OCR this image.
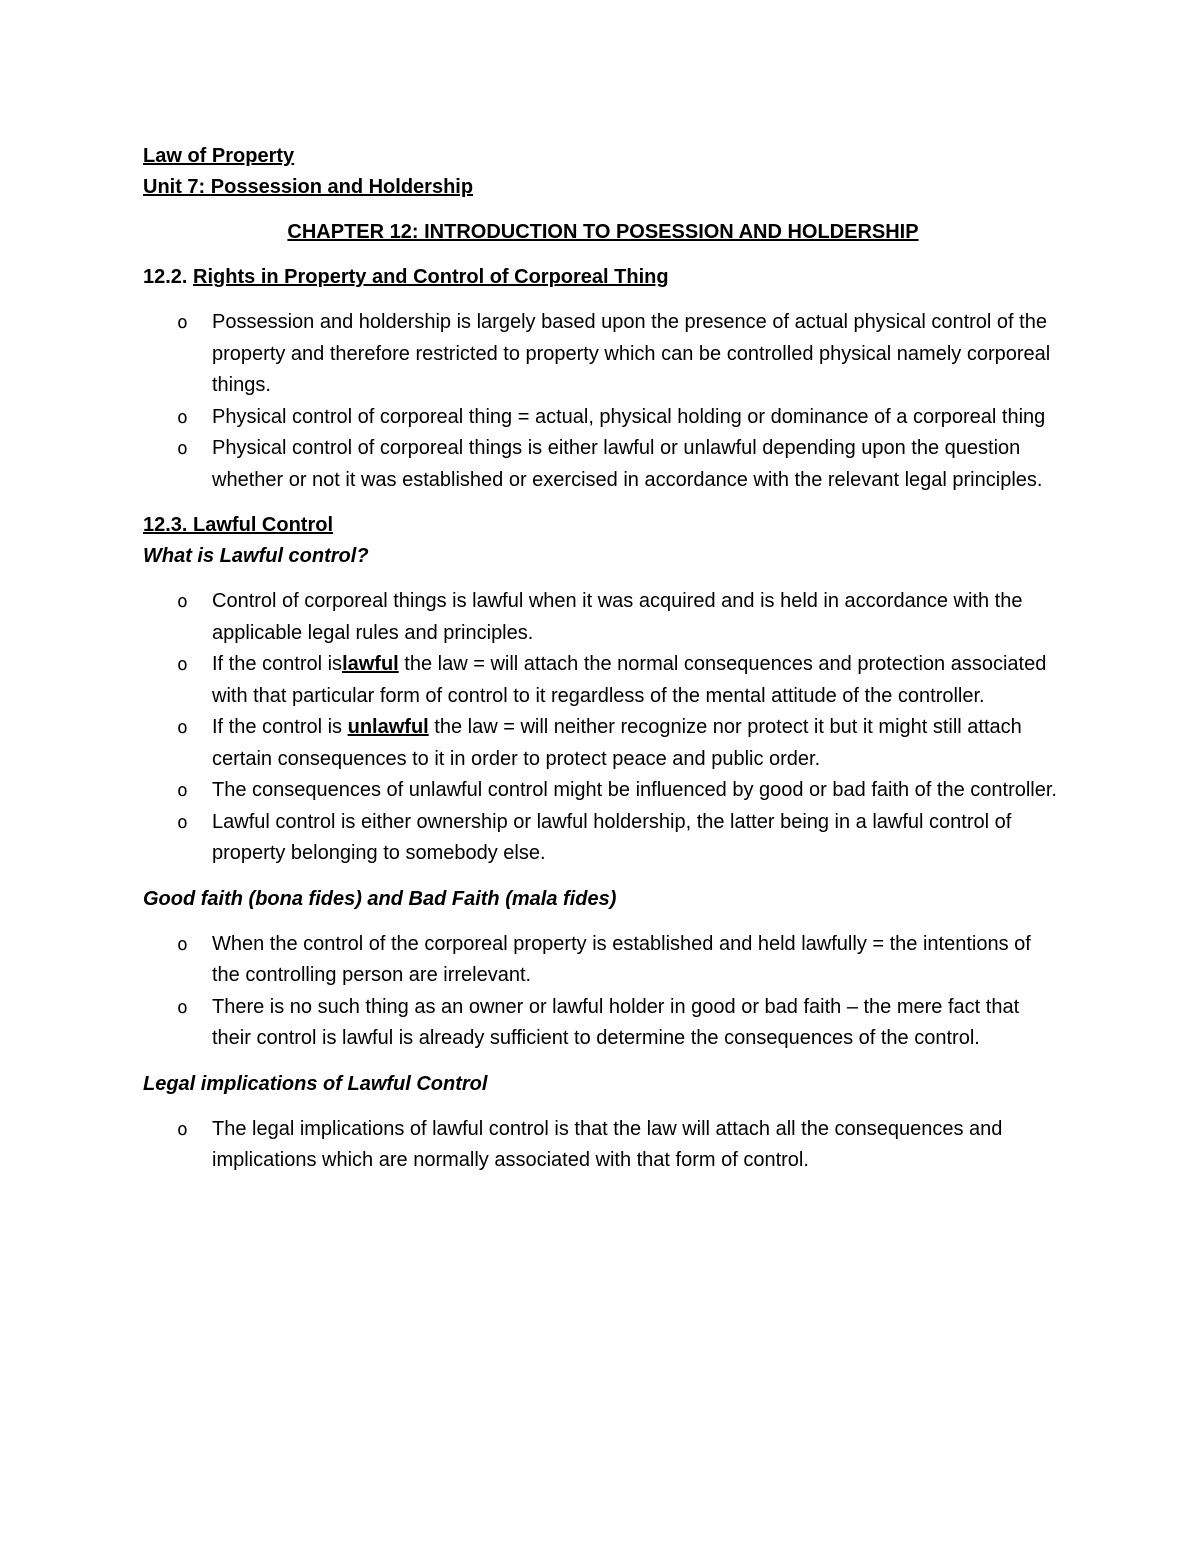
Law of Property

Unit 7: Possession and Holdership

CHAPTER 12: INTRODUCTION TO POSESSION AND HOLDERSHIP

12.2. Rights in Property and Control of Corporeal Thing

o Possession and holdership is largely based upon the presence of actual physical control of the property and therefore restricted to property which can be controlled physical namely corporeal things.
o Physical control of corporeal thing = actual, physical holding or dominance of a corporeal thing
o Physical control of corporeal things is either lawful or unlawful depending upon the question whether or not it was established or exercised in accordance with the relevant legal principles.

12.3. Lawful Control

What is Lawful control?

o Control of corporeal things is lawful when it was acquired and is held in accordance with the applicable legal rules and principles.
o If the control islawful the law = will attach the normal consequences and protection associated with that particular form of control to it regardless of the mental attitude of the controller.
o If the control is unlawful the law = will neither recognize nor protect it but it might still attach certain consequences to it in order to protect peace and public order.
o The consequences of unlawful control might be influenced by good or bad faith of the controller.
o Lawful control is either ownership or lawful holdership, the latter being in a lawful control of property belonging to somebody else.

Good faith (bona fides) and Bad Faith (mala fides)

o When the control of the corporeal property is established and held lawfully = the intentions of the controlling person are irrelevant.
o There is no such thing as an owner or lawful holder in good or bad faith – the mere fact that their control is lawful is already sufficient to determine the consequences of the control.

Legal implications of Lawful Control

o The legal implications of lawful control is that the law will attach all the consequences and implications which are normally associated with that form of control.
